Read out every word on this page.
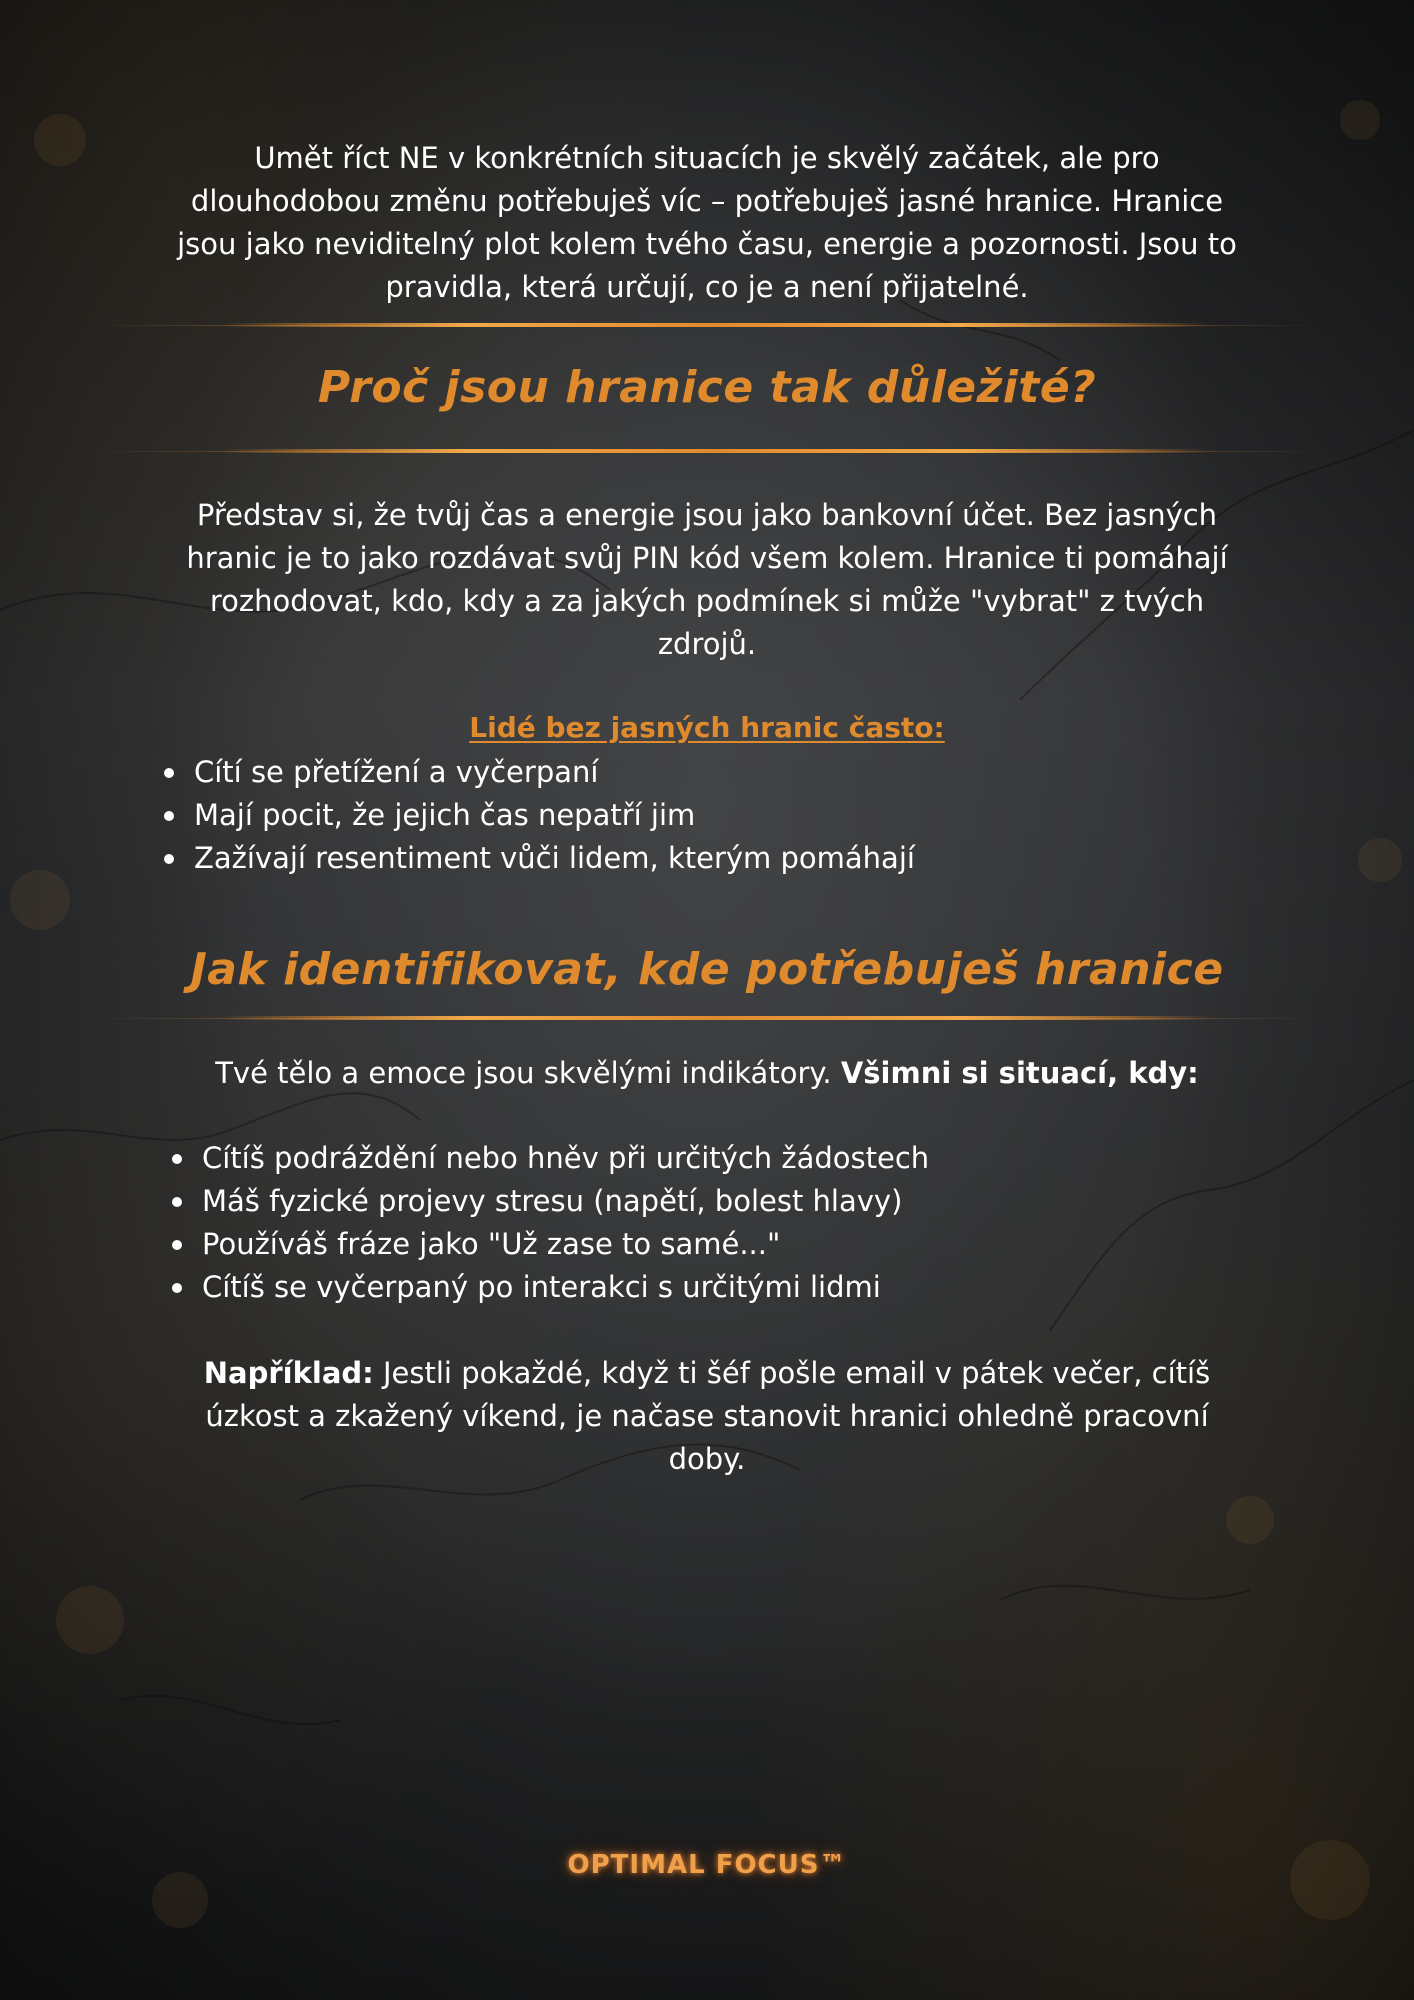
Umět říct NE v konkrétních situacích je skvělý začátek, ale pro
dlouhodobou změnu potřebuješ víc – potřebuješ jasné hranice. Hranice
jsou jako neviditelný plot kolem tvého času, energie a pozornosti. Jsou to
pravidla, která určují, co je a není přijatelné.
Proč jsou hranice tak důležité?
Představ si, že tvůj čas a energie jsou jako bankovní účet. Bez jasných
hranic je to jako rozdávat svůj PIN kód všem kolem. Hranice ti pomáhají
rozhodovat, kdo, kdy a za jakých podmínek si může "vybrat" z tvých
zdrojů.
Lidé bez jasných hranic často:
Cítí se přetížení a vyčerpaní
Mají pocit, že jejich čas nepatří jim
Zažívají resentiment vůči lidem, kterým pomáhají
Jak identifikovat, kde potřebuješ hranice
Tvé tělo a emoce jsou skvělými indikátory. Všimni si situací, kdy:
Cítíš podráždění nebo hněv při určitých žádostech
Máš fyzické projevy stresu (napětí, bolest hlavy)
Používáš fráze jako "Už zase to samé..."
Cítíš se vyčerpaný po interakci s určitými lidmi
Například: Jestli pokaždé, když ti šéf pošle email v pátek večer, cítíš
úzkost a zkažený víkend, je načase stanovit hranici ohledně pracovní
doby.
OPTIMAL FOCUS™
